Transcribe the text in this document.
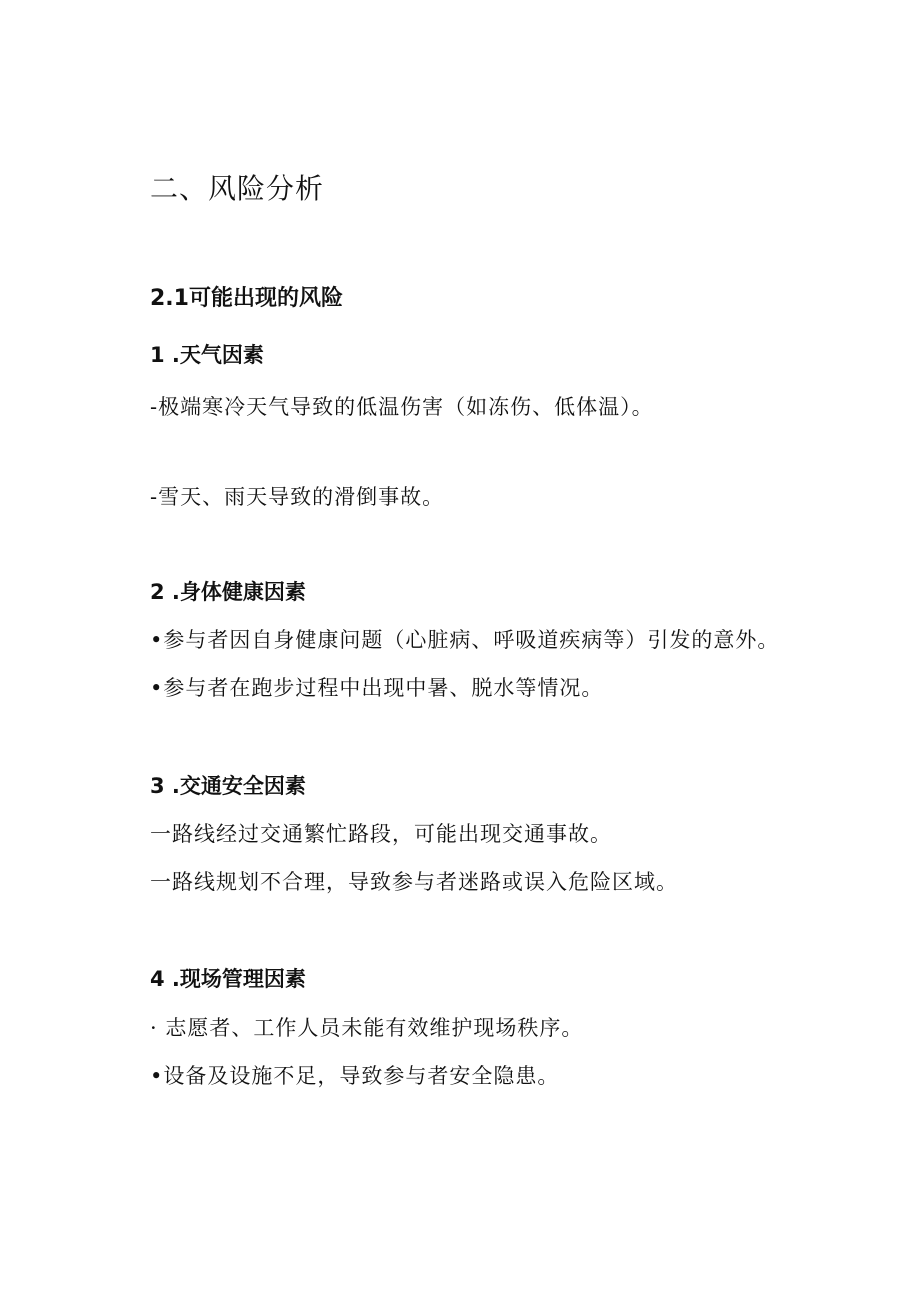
二、风险分析
2.1可能出现的风险
1 .天气因素
-极端寒冷天气导致的低温伤害（如冻伤、低体温）。
-雪天、雨天导致的滑倒事故。
2 .身体健康因素
•参与者因自身健康问题（心脏病、呼吸道疾病等）引发的意外。
•参与者在跑步过程中出现中暑、脱水等情况。
3 .交通安全因素
一路线经过交通繁忙路段，可能出现交通事故。
一路线规划不合理，导致参与者迷路或误入危险区域。
4 .现场管理因素
· 志愿者、工作人员未能有效维护现场秩序。
•设备及设施不足，导致参与者安全隐患。
